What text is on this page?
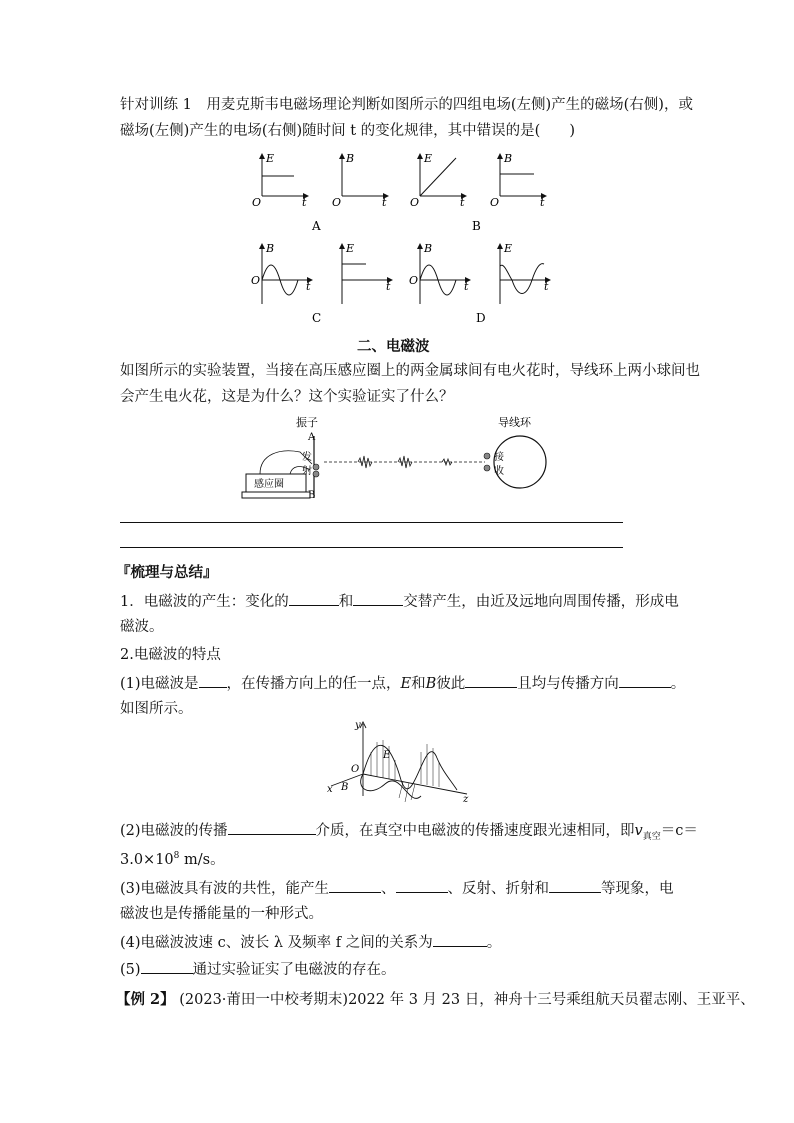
针对训练 1　用麦克斯韦电磁场理论判断如图所示的四组电场(左侧)产生的磁场(右侧)，或
磁场(左侧)产生的电场(右侧)随时间 t 的变化规律，其中错误的是(　　)
E
O	t
B
O	t
E
O	t
B
O	t
A	B
B
O	t
E
t
B
O	t
E
t
C	D
二、电磁波
如图所示的实验装置，当接在高压感应圈上的两金属球间有电火花时，导线环上两小球间也
会产生电火花，这是为什么？这个实验证实了什么？
感应圈
振子
A
B
发
射
导线环
接
收
『梳理与总结』
1．电磁波的产生：变化的	和	交替产生，由近及远地向周围传播，形成电
磁波。
2.电磁波的特点
(1)电磁波是 ，在传播方向上的任一点，E和B彼此	且均与传播方向	。
如图所示。
y
x
z
O
E
B
(2)电磁波的传播	介质，在真空中电磁波的传播速度跟光速相同，即$v_{真空}=c=$
$3.0\times 10^8$ m/s。
(3)电磁波具有波的共性，能产生	、	、反射、折射和	等现象，电
磁波也是传播能量的一种形式。
(4)电磁波波速 c、波长 λ 及频率 f 之间的关系为	。
(5)	通过实验证实了电磁波的存在。
【例 2】 (2023·莆田一中校考期末)2022 年 3 月 23 日，神舟十三号乘组航天员翟志刚、王亚平、
